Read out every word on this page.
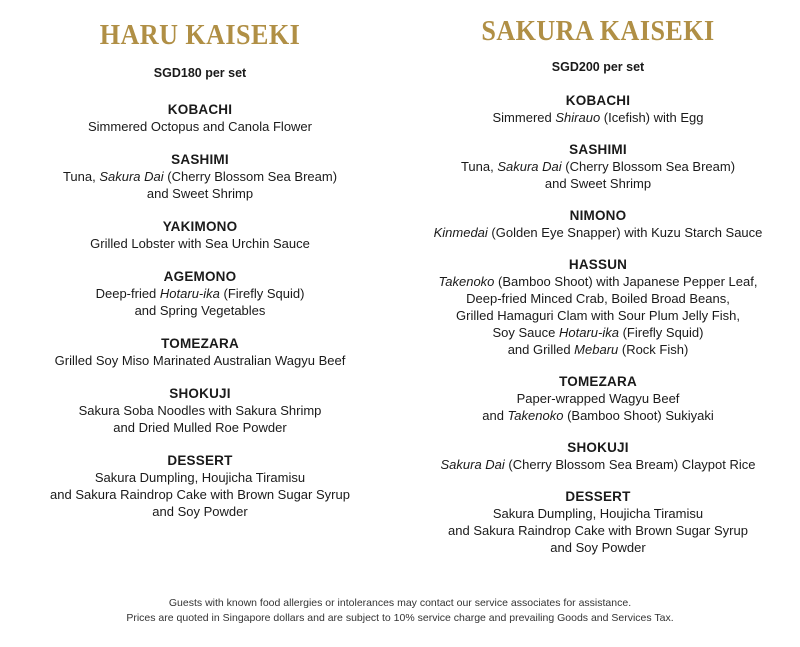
HARU KAISEKI
SGD180 per set
KOBACHI
Simmered Octopus and Canola Flower
SASHIMI
Tuna, Sakura Dai (Cherry Blossom Sea Bream)
and Sweet Shrimp
YAKIMONO
Grilled Lobster with Sea Urchin Sauce
AGEMONO
Deep-fried Hotaru-ika (Firefly Squid)
and Spring Vegetables
TOMEZARA
Grilled Soy Miso Marinated Australian Wagyu Beef
SHOKUJI
Sakura Soba Noodles with Sakura Shrimp
and Dried Mulled Roe Powder
DESSERT
Sakura Dumpling, Houjicha Tiramisu
and Sakura Raindrop Cake with Brown Sugar Syrup
and Soy Powder
SAKURA KAISEKI
SGD200 per set
KOBACHI
Simmered Shirauo (Icefish) with Egg
SASHIMI
Tuna, Sakura Dai (Cherry Blossom Sea Bream)
and Sweet Shrimp
NIMONO
Kinmedai (Golden Eye Snapper) with Kuzu Starch Sauce
HASSUN
Takenoko (Bamboo Shoot) with Japanese Pepper Leaf,
Deep-fried Minced Crab, Boiled Broad Beans,
Grilled Hamaguri Clam with Sour Plum Jelly Fish,
Soy Sauce Hotaru-ika (Firefly Squid)
and Grilled Mebaru (Rock Fish)
TOMEZARA
Paper-wrapped Wagyu Beef
and Takenoko (Bamboo Shoot) Sukiyaki
SHOKUJI
Sakura Dai (Cherry Blossom Sea Bream) Claypot Rice
DESSERT
Sakura Dumpling, Houjicha Tiramisu
and Sakura Raindrop Cake with Brown Sugar Syrup
and Soy Powder
Guests with known food allergies or intolerances may contact our service associates for assistance.
Prices are quoted in Singapore dollars and are subject to 10% service charge and prevailing Goods and Services Tax.
